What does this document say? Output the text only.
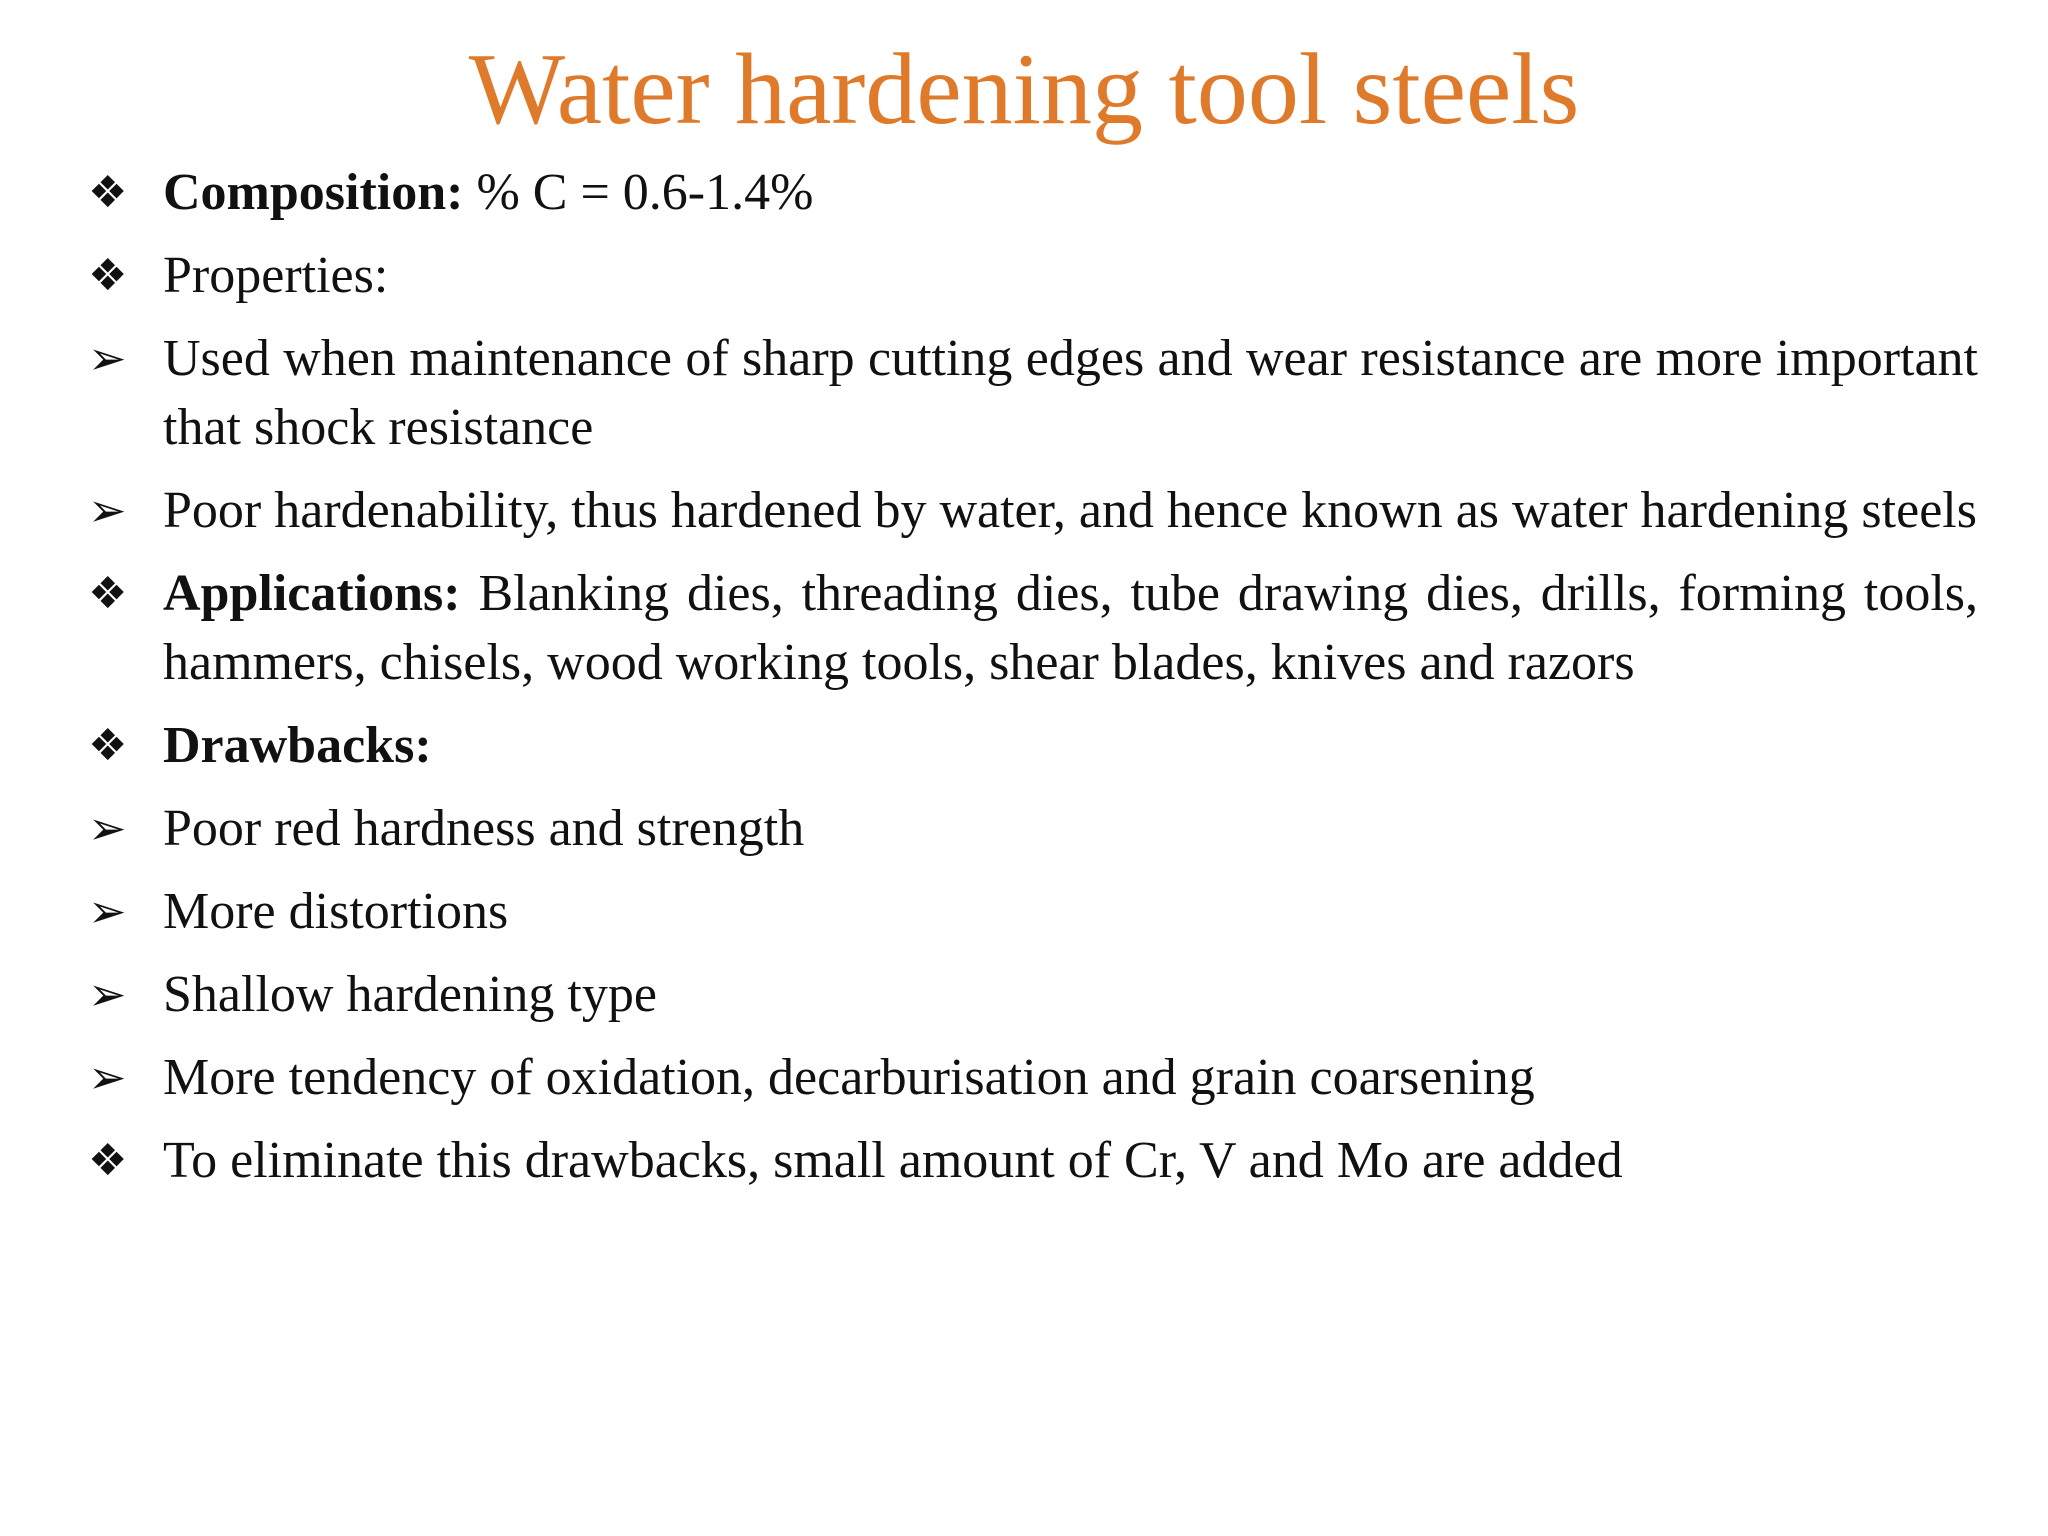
Water hardening tool steels
❖ Composition: % C = 0.6-1.4%
❖ Properties:
➢ Used when maintenance of sharp cutting edges and wear resistance are more important that shock resistance
➢ Poor hardenability, thus hardened by water, and hence known as water hardening steels
❖ Applications: Blanking dies, threading dies, tube drawing dies, drills, forming tools, hammers, chisels, wood working tools, shear blades, knives and razors
❖ Drawbacks:
➢ Poor red hardness and strength
➢ More distortions
➢ Shallow hardening type
➢ More tendency of oxidation, decarburisation and grain coarsening
❖ To eliminate this drawbacks, small amount of Cr, V and Mo are added
